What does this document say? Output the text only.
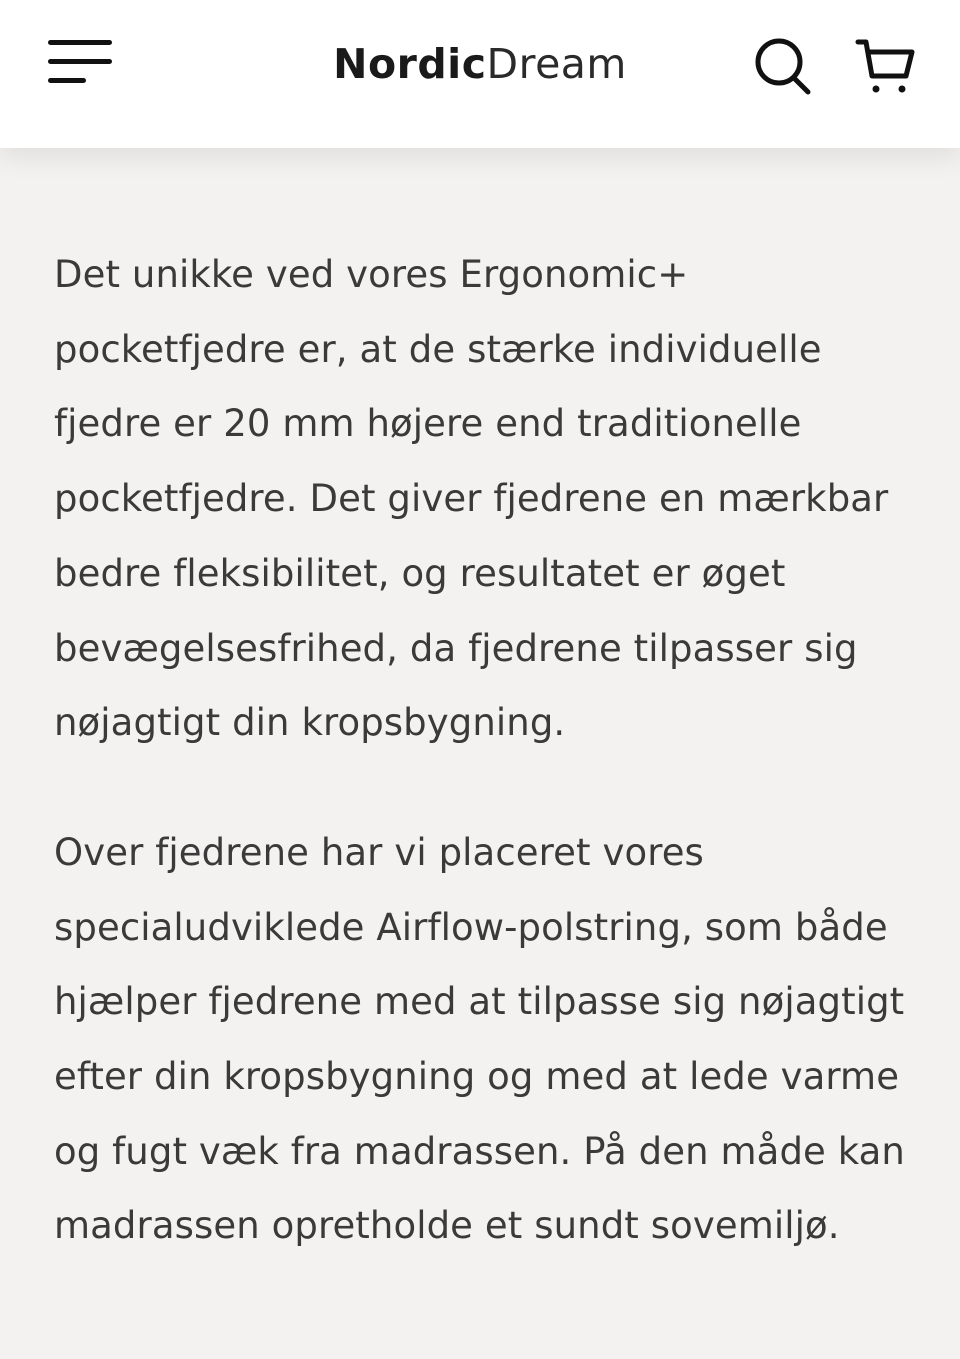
NordicDream

Det unikke ved vores Ergonomic+ pocketfjedre er, at de stærke individuelle fjedre er 20 mm højere end traditionelle pocketfjedre. Det giver fjedrene en mærkbar bedre fleksibilitet, og resultatet er øget bevægelsesfrihed, da fjedrene tilpasser sig nøjagtigt din kropsbygning.

Over fjedrene har vi placeret vores specialudviklede Airflow-polstring, som både hjælper fjedrene med at tilpasse sig nøjagtigt efter din kropsbygning og med at lede varme og fugt væk fra madrassen. På den måde kan madrassen opretholde et sundt sovemiljø.
